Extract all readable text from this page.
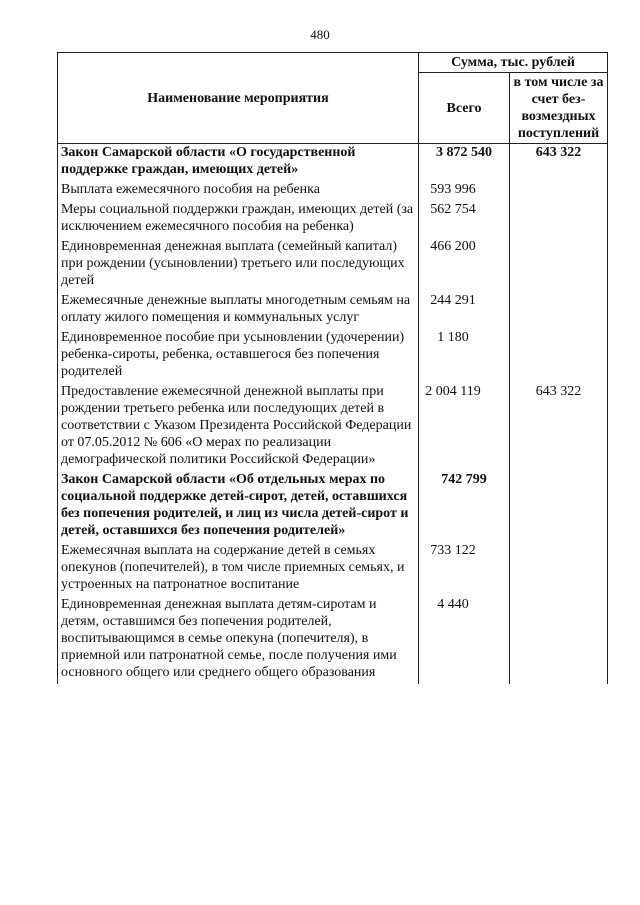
480
Наименование мероприятия	Сумма, тыс. рублей	
	Всего	в том числе за счет без-возмездных поступлений

Закон Самарской области «О государственной поддержке граждан, имеющих детей»	3 872 540	643 322

Выплата ежемесячного пособия на ребенка	593 996	

Меры социальной поддержки граждан, имеющих детей (за исключением ежемесячного пособия на ребенка)	562 754	

Единовременная денежная выплата (семейный капитал) при рождении (усыновлении) третьего или последующих детей	466 200	

Ежемесячные денежные выплаты многодетным семьям на оплату жилого помещения и коммунальных услуг	244 291	

Единовременное пособие при усыновлении (удочерении) ребенка-сироты, ребенка, оставшегося без попечения родителей	1 180	

Предоставление ежемесячной денежной выплаты при рождении третьего ребенка или последующих детей в соответствии с Указом Президента Российской Федерации от 07.05.2012 № 606 «О мерах по реализации демографической политики Российской Федерации»	2 004 119	643 322

Закон Самарской области «Об отдельных мерах по социальной поддержке детей-сирот, детей, оставшихся без попечения родителей, и лиц из числа детей-сирот и детей, оставшихся без попечения родителей»	742 799	

Ежемесячная выплата на содержание детей в семьях опекунов (попечителей), в том числе приемных семьях, и устроенных на патронатное воспитание	733 122	

Единовременная денежная выплата детям-сиротам и детям, оставшимся без попечения родителей, воспитывающимся в семье опекуна (попечителя), в приемной или патронатной семье, после получения ими основного общего или среднего общего образования	4 440	
